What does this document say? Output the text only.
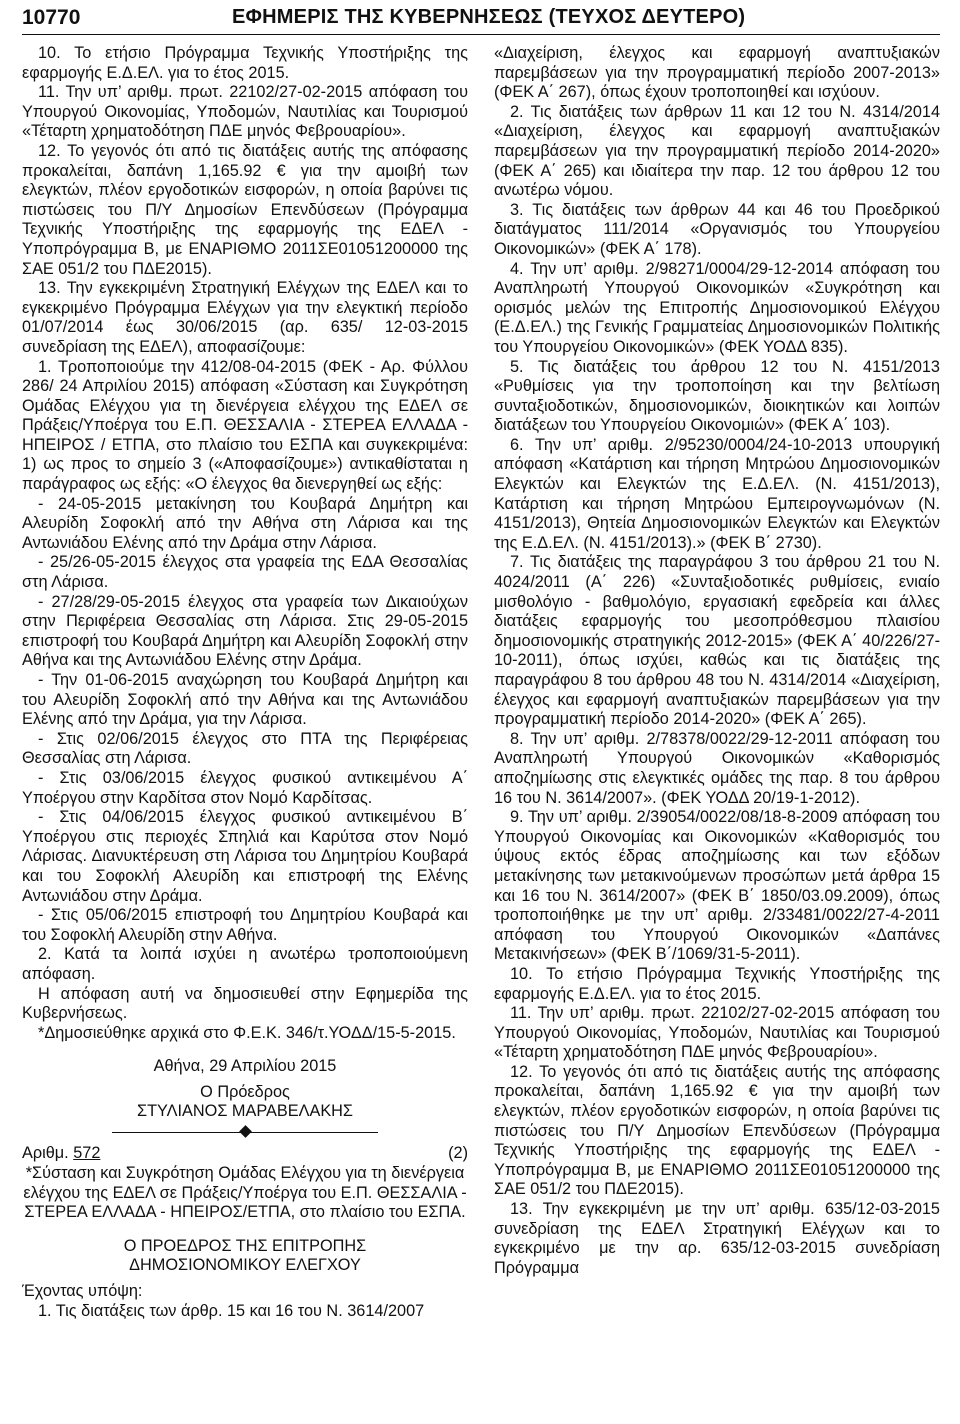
10770	ΕΦΗΜΕΡΙΣ ΤΗΣ ΚΥΒΕΡΝΗΣΕΩΣ (ΤΕΥΧΟΣ ΔΕΥΤΕΡΟ)

10. Το ετήσιο Πρόγραμμα Τεχνικής Υποστήριξης της εφαρμογής Ε.Δ.ΕΛ. για το έτος 2015.

11. Την υπ’ αριθμ. πρωτ. 22102/27-02-2015 απόφαση του Υπουργού Οικονομίας, Υποδομών, Ναυτιλίας και Τουρισμού «Τέταρτη χρηματοδότηση ΠΔΕ μηνός Φεβρουαρίου».

12. Το γεγονός ότι από τις διατάξεις αυτής της απόφασης προκαλείται, δαπάνη 1,165.92 € για την αμοιβή των ελεγκτών, πλέον εργοδοτικών εισφορών, η οποία βαρύνει τις πιστώσεις του Π/Υ Δημοσίων Επενδύσεων (Πρόγραμμα Τεχνικής Υποστήριξης της εφαρμογής της ΕΔΕΛ - Υποπρόγραμμα Β, με ΕΝΑΡΙΘΜΟ 2011ΣΕ01051200000 της ΣΑΕ 051/2 του ΠΔΕ2015).

13. Την εγκεκριμένη Στρατηγική Ελέγχων της ΕΔΕΛ και το εγκεκριμένο Πρόγραμμα Ελέγχων για την ελεγκτική περίοδο 01/07/2014 έως 30/06/2015 (αρ. 635/ 12-03-2015 συνεδρίαση της ΕΔΕΛ), αποφασίζουμε:

1. Τροποποιούμε την 412/08-04-2015 (ΦΕΚ - Αρ. Φύλλου 286/ 24 Απριλίου 2015) απόφαση «Σύσταση και Συγκρότηση Ομάδας Ελέγχου για τη διενέργεια ελέγχου της ΕΔΕΛ σε Πράξεις/Υποέργα του Ε.Π. ΘΕΣΣΑΛΙΑ - ΣΤΕΡΕΑ ΕΛΛΑΔΑ - ΗΠΕΙΡΟΣ / ΕΤΠΑ, στο πλαίσιο του ΕΣΠΑ και συγκεκριμένα: 1) ως προς το σημείο 3 («Αποφασίζουμε») αντικαθίσταται η παράγραφος ως εξής: «Ο έλεγχος θα διενεργηθεί ως εξής:

- 24-05-2015 μετακίνηση του Κουβαρά Δημήτρη και Αλευρίδη Σοφοκλή από την Αθήνα στη Λάρισα και της Αντωνιάδου Ελένης από την Δράμα στην Λάρισα.

- 25/26-05-2015 έλεγχος στα γραφεία της ΕΔΑ Θεσσαλίας στη Λάρισα.

- 27/28/29-05-2015 έλεγχος στα γραφεία των Δικαιούχων στην Περιφέρεια Θεσσαλίας στη Λάρισα. Στις 29-05-2015 επιστροφή του Κουβαρά Δημήτρη και Αλευρίδη Σοφοκλή στην Αθήνα και της Αντωνιάδου Ελένης στην Δράμα.

- Την 01-06-2015 αναχώρηση του Κουβαρά Δημήτρη και του Αλευρίδη Σοφοκλή από την Αθήνα και της Αντωνιάδου Ελένης από την Δράμα, για την Λάρισα.

- Στις 02/06/2015 έλεγχος στο ΠΤΑ της Περιφέρειας Θεσσαλίας στη Λάρισα.

- Στις 03/06/2015 έλεγχος φυσικού αντικειμένου Α΄ Υποέργου στην Καρδίτσα στον Νομό Καρδίτσας.

- Στις 04/06/2015 έλεγχος φυσικού αντικειμένου Β΄ Υποέργου στις περιοχές Σπηλιά και Καρύτσα στον Νομό Λάρισας. Διανυκτέρευση στη Λάρισα του Δημητρίου Κουβαρά και του Σοφοκλή Αλευρίδη και επιστροφή της Ελένης Αντωνιάδου στην Δράμα.

- Στις 05/06/2015 επιστροφή του Δημητρίου Κουβαρά και του Σοφοκλή Αλευρίδη στην Αθήνα.

2. Κατά τα λοιπά ισχύει η ανωτέρω τροποποιούμενη απόφαση.

Η απόφαση αυτή να δημοσιευθεί στην Εφημερίδα της Κυβερνήσεως.

*Δημοσιεύθηκε αρχικά στο Φ.Ε.Κ. 346/τ.ΥΟΔΔ/15-5-2015.

Αθήνα, 29 Απριλίου 2015

Ο Πρόεδρος

ΣΤΥΛΙΑΝΟΣ ΜΑΡΑΒΕΛΑΚΗΣ

Αριθμ. 572	(2)

*Σύσταση και Συγκρότηση Ομάδας Ελέγχου για τη διενέργεια ελέγχου της ΕΔΕΛ σε Πράξεις/Υποέργα του Ε.Π. ΘΕΣΣΑΛΙΑ - ΣΤΕΡΕΑ ΕΛΛΑΔΑ - ΗΠΕΙΡΟΣ/ΕΤΠΑ, στο πλαίσιο του ΕΣΠΑ.

Ο ΠΡΟΕΔΡΟΣ ΤΗΣ ΕΠΙΤΡΟΠΗΣ

ΔΗΜΟΣΙΟΝΟΜΙΚΟΥ ΕΛΕΓΧΟΥ

Έχοντας υπόψη:

1. Τις διατάξεις των άρθρ. 15 και 16 του Ν. 3614/2007

«Διαχείριση, έλεγχος και εφαρμογή αναπτυξιακών παρεμβάσεων για την προγραμματική περίοδο 2007-2013» (ΦΕΚ Α΄ 267), όπως έχουν τροποποιηθεί και ισχύουν.

2. Τις διατάξεις των άρθρων 11 και 12 του Ν. 4314/2014 «Διαχείριση, έλεγχος και εφαρμογή αναπτυξιακών παρεμβάσεων για την προγραμματική περίοδο 2014-2020» (ΦΕΚ Α΄ 265) και ιδιαίτερα την παρ. 12 του άρθρου 12 του ανωτέρω νόμου.

3. Τις διατάξεις των άρθρων 44 και 46 του Προεδρικού διατάγματος 111/2014 «Οργανισμός του Υπουργείου Οικονομικών» (ΦΕΚ Α΄ 178).

4. Την υπ’ αριθμ. 2/98271/0004/29-12-2014 απόφαση του Αναπληρωτή Υπουργού Οικονομικών «Συγκρότηση και ορισμός μελών της Επιτροπής Δημοσιονομικού Ελέγχου (Ε.Δ.ΕΛ.) της Γενικής Γραμματείας Δημοσιονομικών Πολιτικής του Υπουργείου Οικονομικών» (ΦΕΚ ΥΟΔΔ 835).

5. Τις διατάξεις του άρθρου 12 του Ν. 4151/2013 «Ρυθμίσεις για την τροποποίηση και την βελτίωση συνταξιοδοτικών, δημοσιονομικών, διοικητικών και λοιπών διατάξεων του Υπουργείου Οικονομιών» (ΦΕΚ Α΄ 103).

6. Την υπ’ αριθμ. 2/95230/0004/24-10-2013 υπουργική απόφαση «Κατάρτιση και τήρηση Μητρώου Δημοσιονομικών Ελεγκτών και Ελεγκτών της Ε.Δ.ΕΛ. (Ν. 4151/2013), Κατάρτιση και τήρηση Μητρώου Εμπειρογνωμόνων (Ν. 4151/2013), Θητεία Δημοσιονομικών Ελεγκτών και Ελεγκτών της Ε.Δ.ΕΛ. (Ν. 4151/2013).» (ΦΕΚ Β΄ 2730).

7. Τις διατάξεις της παραγράφου 3 του άρθρου 21 του Ν. 4024/2011 (Α΄ 226) «Συνταξιοδοτικές ρυθμίσεις, ενιαίο μισθολόγιο - βαθμολόγιο, εργασιακή εφεδρεία και άλλες διατάξεις εφαρμογής του μεσοπρόθεσμου πλαισίου δημοσιονομικής στρατηγικής 2012-2015» (ΦΕΚ Α΄ 40/226/27-10-2011), όπως ισχύει, καθώς και τις διατάξεις της παραγράφου 8 του άρθρου 48 του Ν. 4314/2014 «Διαχείριση, έλεγχος και εφαρμογή αναπτυξιακών παρεμβάσεων για την προγραμματική περίοδο 2014-2020» (ΦΕΚ Α΄ 265).

8. Την υπ’ αριθμ. 2/78378/0022/29-12-2011 απόφαση του Αναπληρωτή Υπουργού Οικονομικών «Καθορισμός αποζημίωσης στις ελεγκτικές ομάδες της παρ. 8 του άρθρου 16 του Ν. 3614/2007». (ΦΕΚ ΥΟΔΔ 20/19-1-2012).

9. Την υπ’ αριθμ. 2/39054/0022/08/18-8-2009 απόφαση του Υπουργού Οικονομίας και Οικονομικών «Καθορισμός του ύψους εκτός έδρας αποζημίωσης και των εξόδων μετακίνησης των μετακινούμενων προσώπων μετά άρθρα 15 και 16 του Ν. 3614/2007» (ΦΕΚ Β΄ 1850/03.09.2009), όπως τροποποιήθηκε με την υπ’ αριθμ. 2/33481/0022/27-4-2011 απόφαση του Υπουργού Οικονομικών «Δαπάνες Μετακινήσεων» (ΦΕΚ Β΄/1069/31-5-2011).

10. Το ετήσιο Πρόγραμμα Τεχνικής Υποστήριξης της εφαρμογής Ε.Δ.ΕΛ. για το έτος 2015.

11. Την υπ’ αριθμ. πρωτ. 22102/27-02-2015 απόφαση του Υπουργού Οικονομίας, Υποδομών, Ναυτιλίας και Τουρισμού «Τέταρτη χρηματοδότηση ΠΔΕ μηνός Φεβρουαρίου».

12. Το γεγονός ότι από τις διατάξεις αυτής της απόφασης προκαλείται, δαπάνη 1,165.92 € για την αμοιβή των ελεγκτών, πλέον εργοδοτικών εισφορών, η οποία βαρύνει τις πιστώσεις του Π/Υ Δημοσίων Επενδύσεων (Πρόγραμμα Τεχνικής Υποστήριξης της εφαρμογής της ΕΔΕΛ - Υποπρόγραμμα Β, με ΕΝΑΡΙΘΜΟ 2011ΣΕ01051200000 της ΣΑΕ 051/2 του ΠΔΕ2015).

13. Την εγκεκριμένη με την υπ’ αριθμ. 635/12-03-2015 συνεδρίαση της ΕΔΕΛ Στρατηγική Ελέγχων και το εγκεκριμένο με την αρ. 635/12-03-2015 συνεδρίαση Πρόγραμμα
